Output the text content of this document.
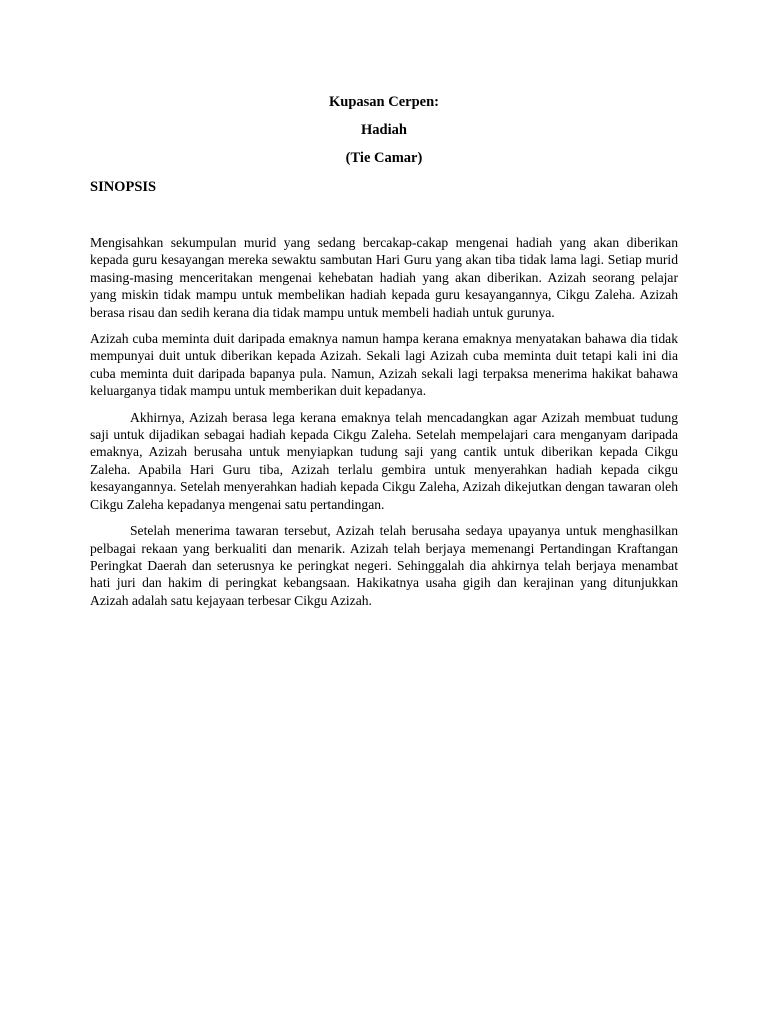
Kupasan Cerpen:

Hadiah

(Tie Camar)

SINOPSIS

Mengisahkan sekumpulan murid yang sedang bercakap-cakap mengenai hadiah yang akan diberikan kepada guru kesayangan mereka sewaktu sambutan Hari Guru yang akan tiba tidak lama lagi. Setiap murid masing-masing menceritakan mengenai kehebatan hadiah yang akan diberikan. Azizah seorang pelajar yang miskin tidak mampu untuk membelikan hadiah kepada guru kesayangannya, Cikgu Zaleha. Azizah berasa risau dan sedih kerana dia tidak mampu untuk membeli hadiah untuk gurunya.

Azizah cuba meminta duit daripada emaknya namun hampa kerana emaknya menyatakan bahawa dia tidak mempunyai duit untuk diberikan kepada Azizah. Sekali lagi Azizah cuba meminta duit tetapi kali ini dia cuba meminta duit daripada bapanya pula. Namun, Azizah sekali lagi terpaksa menerima hakikat bahawa keluarganya tidak mampu untuk memberikan duit kepadanya.

Akhirnya, Azizah berasa lega kerana emaknya telah mencadangkan agar Azizah membuat tudung saji untuk dijadikan sebagai hadiah kepada Cikgu Zaleha. Setelah mempelajari cara menganyam daripada emaknya, Azizah berusaha untuk menyiapkan tudung saji yang cantik untuk diberikan kepada Cikgu Zaleha. Apabila Hari Guru tiba, Azizah terlalu gembira untuk menyerahkan hadiah kepada cikgu kesayangannya. Setelah menyerahkan hadiah kepada Cikgu Zaleha, Azizah dikejutkan dengan tawaran oleh Cikgu Zaleha kepadanya mengenai satu pertandingan.

Setelah menerima tawaran tersebut, Azizah telah berusaha sedaya upayanya untuk menghasilkan pelbagai rekaan yang berkualiti dan menarik. Azizah telah berjaya memenangi Pertandingan Kraftangan Peringkat Daerah dan seterusnya ke peringkat negeri. Sehinggalah dia ahkirnya telah berjaya menambat hati juri dan hakim di peringkat kebangsaan. Hakikatnya usaha gigih dan kerajinan yang ditunjukkan Azizah adalah satu kejayaan terbesar Cikgu Azizah.
